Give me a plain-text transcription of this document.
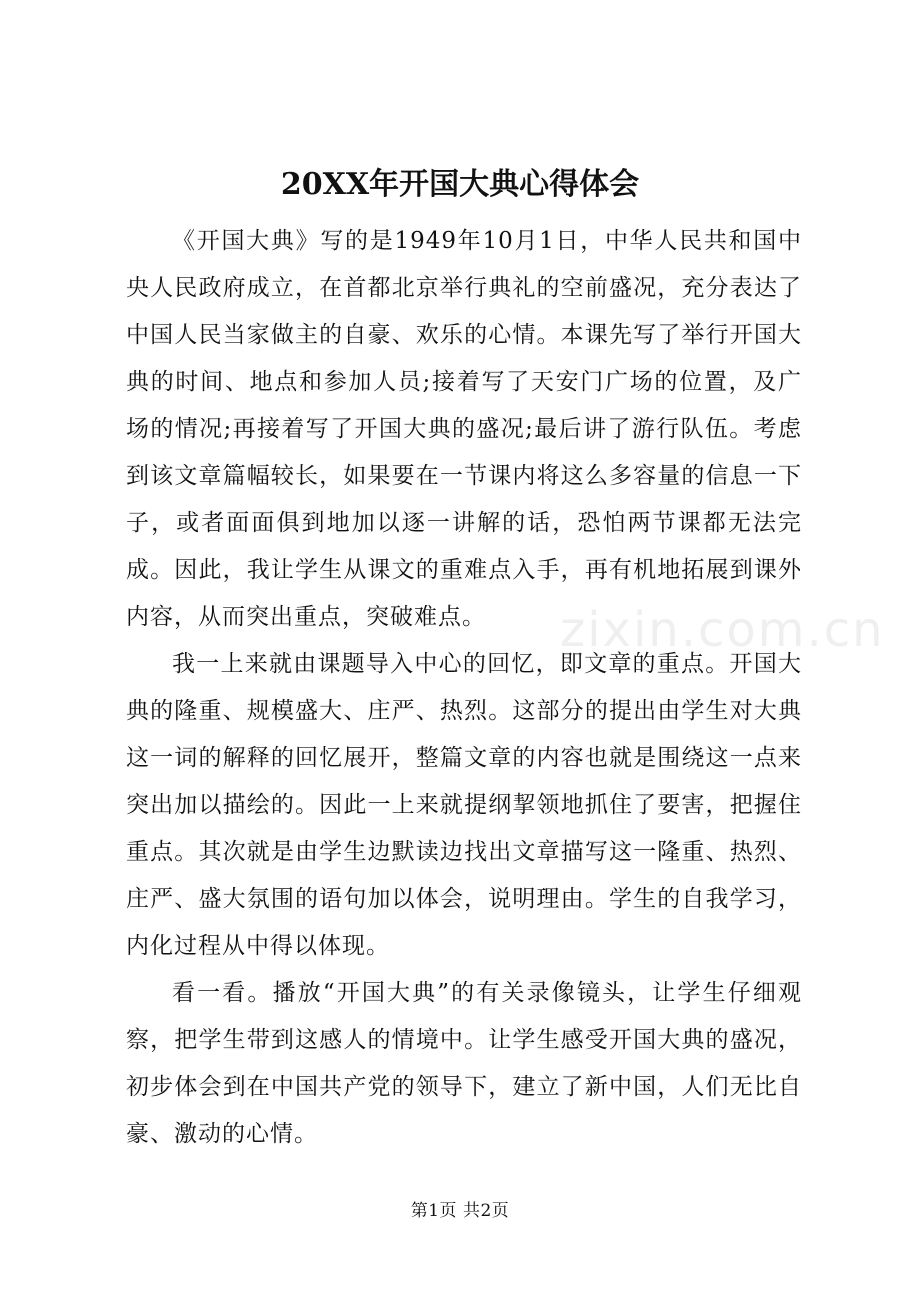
20XX年开国大典心得体会

《开国大典》写的是1949年10月1日，中华人民共和国中央人民政府成立，在首都北京举行典礼的空前盛况，充分表达了中国人民当家做主的自豪、欢乐的心情。本课先写了举行开国大典的时间、地点和参加人员;接着写了天安门广场的位置，及广场的情况;再接着写了开国大典的盛况;最后讲了游行队伍。考虑到该文章篇幅较长，如果要在一节课内将这么多容量的信息一下子，或者面面俱到地加以逐一讲解的话，恐怕两节课都无法完成。因此，我让学生从课文的重难点入手，再有机地拓展到课外内容，从而突出重点，突破难点。

我一上来就由课题导入中心的回忆，即文章的重点。开国大典的隆重、规模盛大、庄严、热烈。这部分的提出由学生对大典这一词的解释的回忆展开，整篇文章的内容也就是围绕这一点来突出加以描绘的。因此一上来就提纲挈领地抓住了要害，把握住重点。其次就是由学生边默读边找出文章描写这一隆重、热烈、庄严、盛大氛围的语句加以体会，说明理由。学生的自我学习，内化过程从中得以体现。

看一看。播放“开国大典”的有关录像镜头，让学生仔细观察，把学生带到这感人的情境中。让学生感受开国大典的盛况，初步体会到在中国共产党的领导下，建立了新中国，人们无比自豪、激动的心情。

zixin.com.cn
第1页 共2页
